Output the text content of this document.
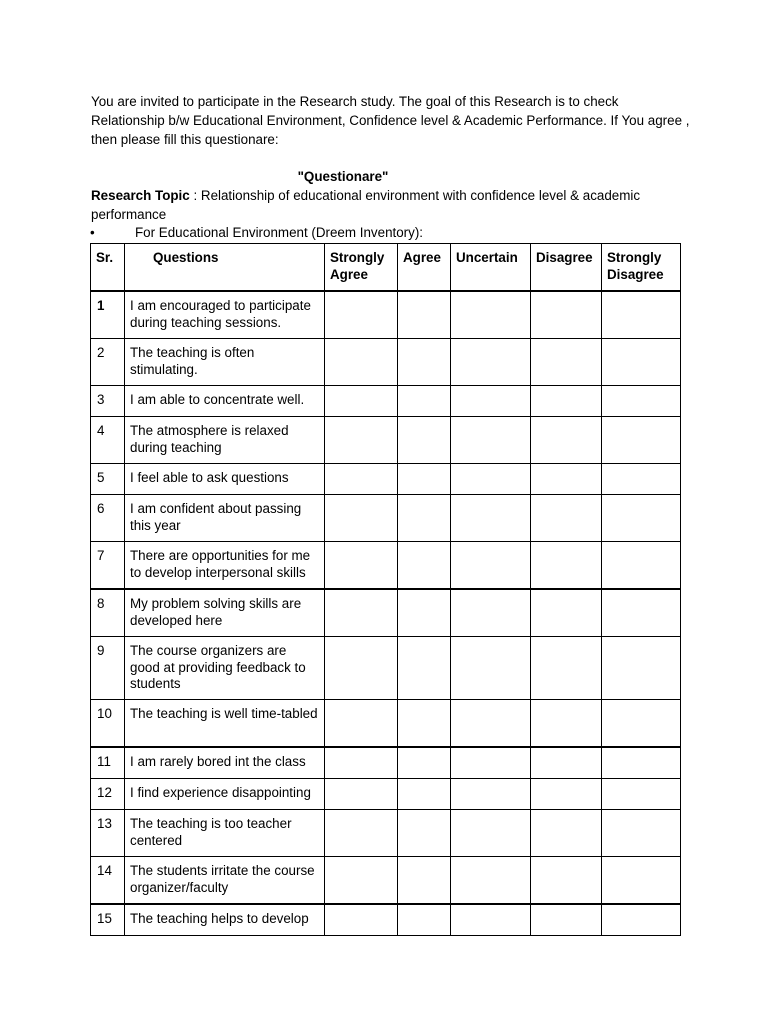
You are invited to participate in the Research study. The goal of this Research is to check Relationship b/w Educational Environment, Confidence level & Academic Performance. If You agree , then please fill this questionare:

"Questionare"

Research Topic : Relationship of educational environment with confidence level & academic performance

•	For Educational Environment (Dreem Inventory):

Sr.	Questions	Strongly Agree	Agree	Uncertain	Disagree	Strongly Disagree
1	I am encouraged to participate during teaching sessions.					
2	The teaching is often stimulating.					
3	I am able to concentrate well.					
4	The atmosphere is relaxed during teaching					
5	I feel able to ask questions					
6	I am confident about passing this year					
7	There are opportunities for me to develop interpersonal skills					
8	My problem solving skills are developed here					
9	The course organizers are good at providing feedback to students					
10	The teaching is well time-tabled					
11	I am rarely bored int the class					
12	I find experience disappointing					
13	The teaching is too teacher centered					
14	The students irritate the course organizer/faculty					
15	The teaching helps to develop					
